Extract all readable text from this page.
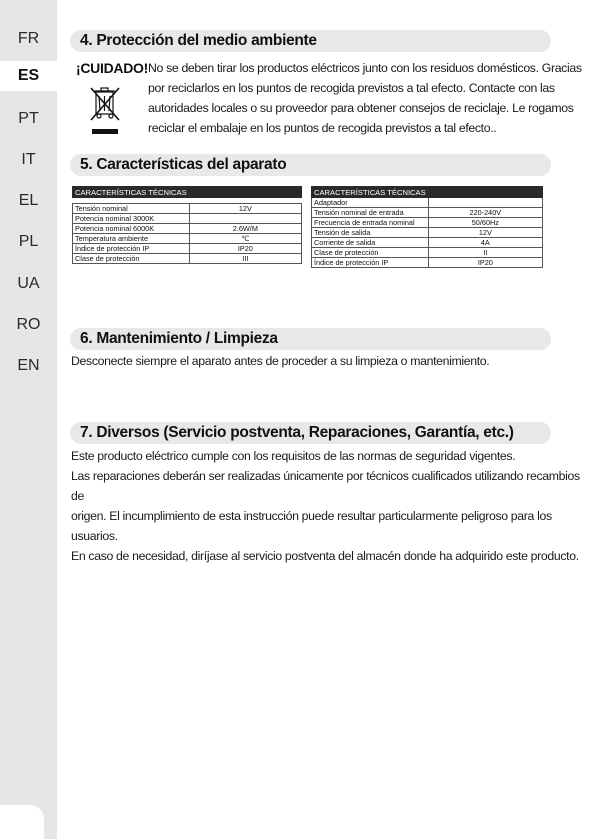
FR
ES
PT
IT
EL
PL
UA
RO
EN
4. Protección del medio ambiente
¡CUIDADO! No se deben tirar los productos eléctricos junto con los residuos domésticos. Gracias
por reciclarlos en los puntos de recogida previstos a tal efecto. Contacte con las
autoridades locales o su proveedor para obtener consejos de reciclaje. Le rogamos
reciclar el embalaje en los puntos de recogida previstos a tal efecto..
5. Características del aparato
CARACTERÍSTICAS TÉCNICAS	

Tensión nominal	12V
Potencia nominal 3000K	
Potencia nominal 6000K	2.6W/M
Temperatura ambiente	℃
Índice de protección IP	IP20
Clase de protección	III
CARACTERÍSTICAS TÉCNICAS	
Adaptador	
Tensión nominal de entrada	220-240V
Frecuencia de entrada nominal	50/60Hz
Tensión de salida	12V
Corriente de salida	4A
Clase de protección	II
Índice de protección IP	IP20
6. Mantenimiento / Limpieza
Desconecte siempre el aparato antes de proceder a su limpieza o mantenimiento.
7. Diversos (Servicio postventa, Reparaciones, Garantía, etc.)
Este producto eléctrico cumple con los requisitos de las normas de seguridad vigentes.
Las reparaciones deberán ser realizadas únicamente por técnicos cualificados utilizando recambios de
origen. El incumplimiento de esta instrucción puede resultar particularmente peligroso para los usuarios.
En caso de necesidad, diríjase al servicio postventa del almacén donde ha adquirido este producto.
